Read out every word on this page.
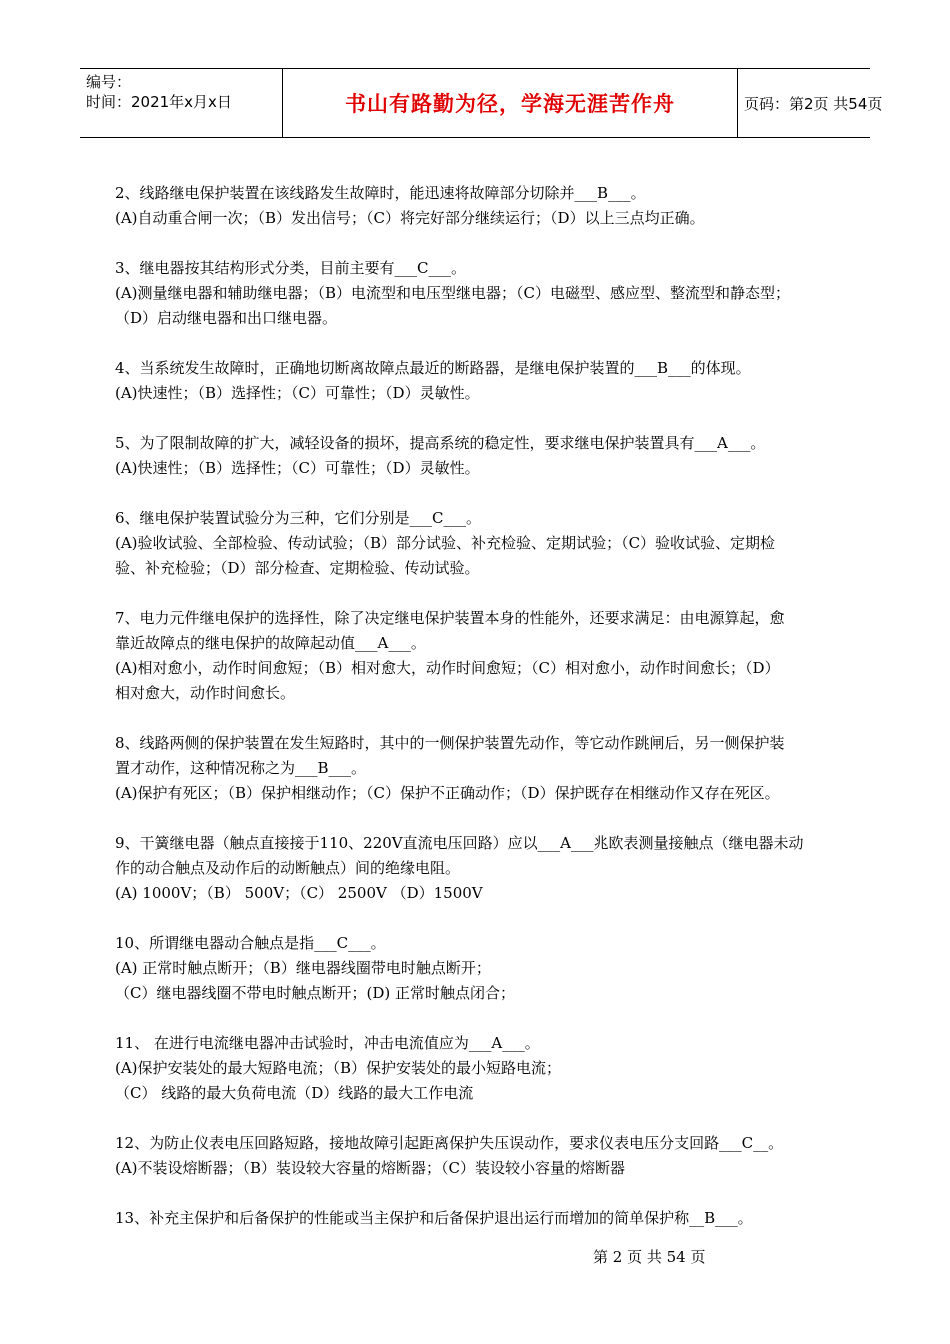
编号：
时间：2021年x月x日	书山有路勤为径，学海无涯苦作舟	页码：第2页 共54页
2、线路继电保护装置在该线路发生故障时，能迅速将故障部分切除并___B___。
(A)自动重合闸一次；（B）发出信号；（C）将完好部分继续运行；（D）以上三点均正确。
3、继电器按其结构形式分类，目前主要有___C___。
(A)测量继电器和辅助继电器；（B）电流型和电压型继电器；（C）电磁型、感应型、整流型和静态型；
（D）启动继电器和出口继电器。
4、当系统发生故障时，正确地切断离故障点最近的断路器，是继电保护装置的___B___的体现。
(A)快速性；（B）选择性；（C）可靠性；（D）灵敏性。
5、为了限制故障的扩大，减轻设备的损坏，提高系统的稳定性，要求继电保护装置具有___A___。
(A)快速性；（B）选择性；（C）可靠性；（D）灵敏性。
6、继电保护装置试验分为三种，它们分别是___C___。
(A)验收试验、全部检验、传动试验；（B）部分试验、补充检验、定期试验；（C）验收试验、定期检
验、补充检验；（D）部分检查、定期检验、传动试验。
7、电力元件继电保护的选择性，除了决定继电保护装置本身的性能外，还要求满足：由电源算起，愈
靠近故障点的继电保护的故障起动值___A___。
(A)相对愈小，动作时间愈短；（B）相对愈大，动作时间愈短；（C）相对愈小，动作时间愈长；（D）
相对愈大，动作时间愈长。
8、线路两侧的保护装置在发生短路时，其中的一侧保护装置先动作，等它动作跳闸后，另一侧保护装
置才动作，这种情况称之为___B___。
(A)保护有死区；（B）保护相继动作；（C）保护不正确动作；（D）保护既存在相继动作又存在死区。
9、干簧继电器（触点直接接于110、220V直流电压回路）应以___A___兆欧表测量接触点（继电器未动
作的动合触点及动作后的动断触点）间的绝缘电阻。
(A) 1000V；（B） 500V；（C） 2500V （D）1500V
10、所谓继电器动合触点是指___C___。
(A) 正常时触点断开；（B）继电器线圈带电时触点断开；
（C）继电器线圈不带电时触点断开；(D) 正常时触点闭合；
11、 在进行电流继电器冲击试验时，冲击电流值应为___A___。
(A)保护安装处的最大短路电流；（B）保护安装处的最小短路电流；
（C） 线路的最大负荷电流（D）线路的最大工作电流
12、为防止仪表电压回路短路，接地故障引起距离保护失压误动作，要求仪表电压分支回路___C__。
(A)不装设熔断器；（B）装设较大容量的熔断器；（C）装设较小容量的熔断器
13、补充主保护和后备保护的性能或当主保护和后备保护退出运行而增加的简单保护称__B___。
第 2 页 共 54 页
